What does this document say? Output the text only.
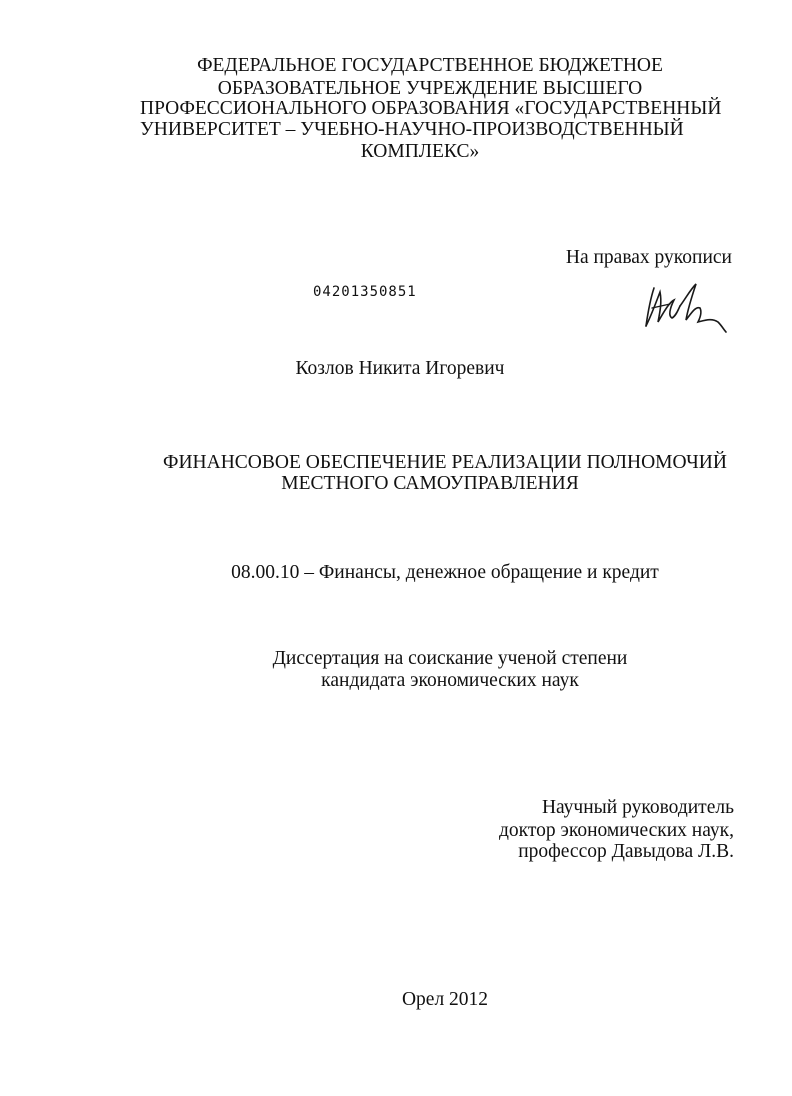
ФЕДЕРАЛЬНОЕ ГОСУДАРСТВЕННОЕ БЮДЖЕТНОЕ
ОБРАЗОВАТЕЛЬНОЕ УЧРЕЖДЕНИЕ ВЫСШЕГО
ПРОФЕССИОНАЛЬНОГО ОБРАЗОВАНИЯ «ГОСУДАРСТВЕННЫЙ
УНИВЕРСИТЕТ – УЧЕБНО-НАУЧНО-ПРОИЗВОДСТВЕННЫЙ
КОМПЛЕКС»
На правах рукописи
04201350851
Козлов Никита Игоревич
ФИНАНСОВОЕ ОБЕСПЕЧЕНИЕ РЕАЛИЗАЦИИ ПОЛНОМОЧИЙ
МЕСТНОГО САМОУПРАВЛЕНИЯ
08.00.10 – Финансы, денежное обращение и кредит
Диссертация на соискание ученой степени
кандидата экономических наук
Научный руководитель
доктор экономических наук,
профессор Давыдова Л.В.
Орел 2012
